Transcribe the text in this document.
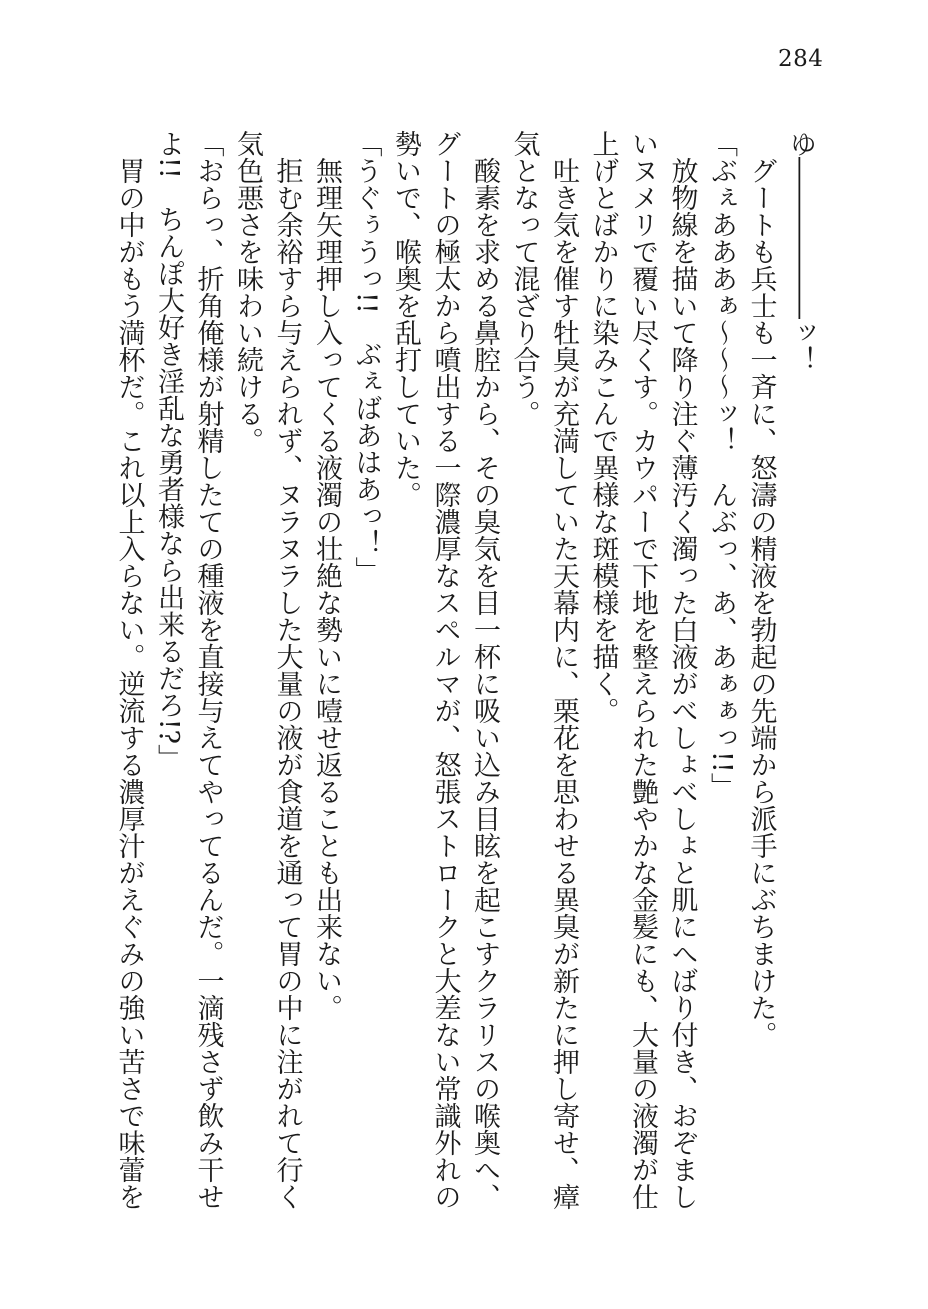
284
ゆ――――――ッ！
　グートも兵士も一斉に、怒濤の精液を勃起の先端から派手にぶちまけた。
「ぶぇあああぁ～～～ッ！　んぶっ、あ、あぁぁっ!!」
　放物線を描いて降り注ぐ薄汚く濁った白液がべしょべしょと肌にへばり付き、おぞまし
いヌメリで覆い尽くす。カウパーで下地を整えられた艶やかな金髪にも、大量の液濁が仕
上げとばかりに染みこんで異様な斑模様を描く。
　吐き気を催す牡臭が充満していた天幕内に、栗花を思わせる異臭が新たに押し寄せ、瘴
気となって混ざり合う。
　酸素を求める鼻腔から、その臭気を目一杯に吸い込み目眩を起こすクラリスの喉奥へ、
グートの極太から噴出する一際濃厚なスペルマが、怒張ストロークと大差ない常識外れの
勢いで、喉奥を乱打していた。
「うぐぅうっ!!　ぶぇばあはあっ！」
　無理矢理押し入ってくる液濁の壮絶な勢いに噎せ返ることも出来ない。
　拒む余裕すら与えられず、ヌラヌラした大量の液が食道を通って胃の中に注がれて行く
気色悪さを味わい続ける。
「おらっ、折角俺様が射精したての種液を直接与えてやってるんだ。一滴残さず飲み干せ
よ!!　ちんぽ大好き淫乱な勇者様なら出来るだろ!?」
　胃の中がもう満杯だ。これ以上入らない。逆流する濃厚汁がえぐみの強い苦さで味蕾を
